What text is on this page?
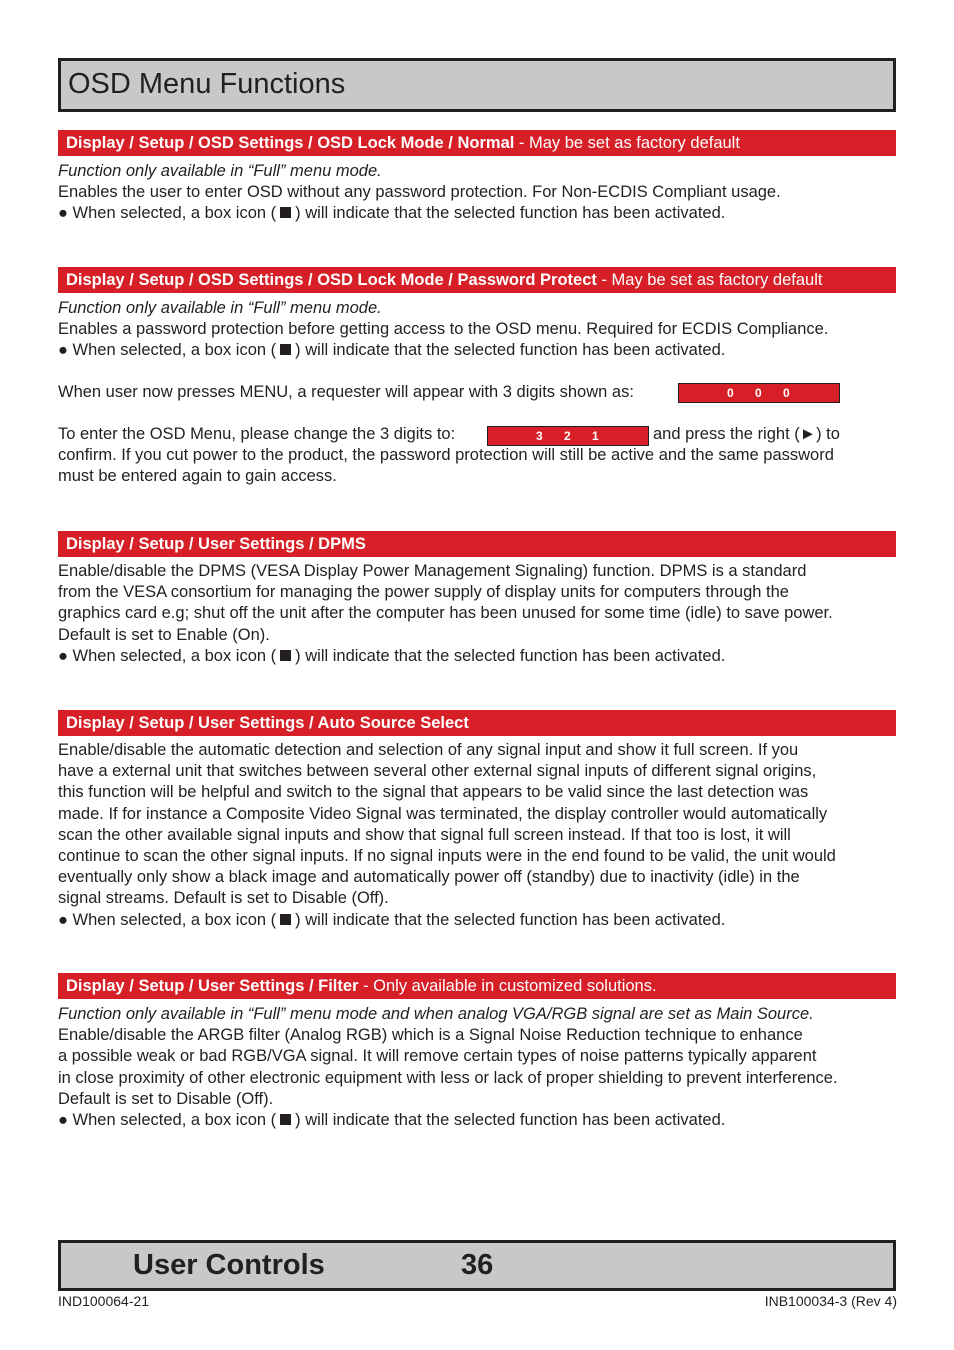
OSD Menu Functions
Display / Setup / OSD Settings / OSD Lock Mode / Normal - May be set as factory default

Function only available in “Full” menu mode.

Enables the user to enter OSD without any password protection. For Non-ECDIS Compliant usage.

● When selected, a box icon ( ) will indicate that the selected function has been activated.

Display / Setup / OSD Settings / OSD Lock Mode / Password Protect - May be set as factory default

Function only available in “Full” menu mode.

Enables a password protection before getting access to the OSD menu. Required for ECDIS Compliance.

● When selected, a box icon ( ) will indicate that the selected function has been activated.

When user now presses MENU, a requester will appear with 3 digits shown as:	0 0 0

To enter the OSD Menu, please change the 3 digits to:	3 2 1	and press the right (►) to

confirm. If you cut power to the product, the password protection will still be active and the same password

must be entered again to gain access.

Display / Setup / User Settings / DPMS

Enable/disable the DPMS (VESA Display Power Management Signaling) function. DPMS is a standard

from the VESA consortium for managing the power supply of display units for computers through the

graphics card e.g; shut off the unit after the computer has been unused for some time (idle) to save power.

Default is set to Enable (On).

● When selected, a box icon ( ) will indicate that the selected function has been activated.

Display / Setup / User Settings / Auto Source Select

Enable/disable the automatic detection and selection of any signal input and show it full screen. If you

have a external unit that switches between several other external signal inputs of different signal origins,

this function will be helpful and switch to the signal that appears to be valid since the last detection was

made. If for instance a Composite Video Signal was terminated, the display controller would automatically

scan the other available signal inputs and show that signal full screen instead. If that too is lost, it will

continue to scan the other signal inputs. If no signal inputs were in the end found to be valid, the unit would

eventually only show a black image and automatically power off (standby) due to inactivity (idle) in the

signal streams. Default is set to Disable (Off).

● When selected, a box icon ( ) will indicate that the selected function has been activated.

Display / Setup / User Settings / Filter - Only available in customized solutions.

Function only available in “Full” menu mode and when analog VGA/RGB signal are set as Main Source.

Enable/disable the ARGB filter (Analog RGB) which is a Signal Noise Reduction technique to enhance

a possible weak or bad RGB/VGA signal. It will remove certain types of noise patterns typically apparent

in close proximity of other electronic equipment with less or lack of proper shielding to prevent interference.

Default is set to Disable (Off).

● When selected, a box icon ( ) will indicate that the selected function has been activated.

User Controls	36
IND100064-21	INB100034-3 (Rev 4)
